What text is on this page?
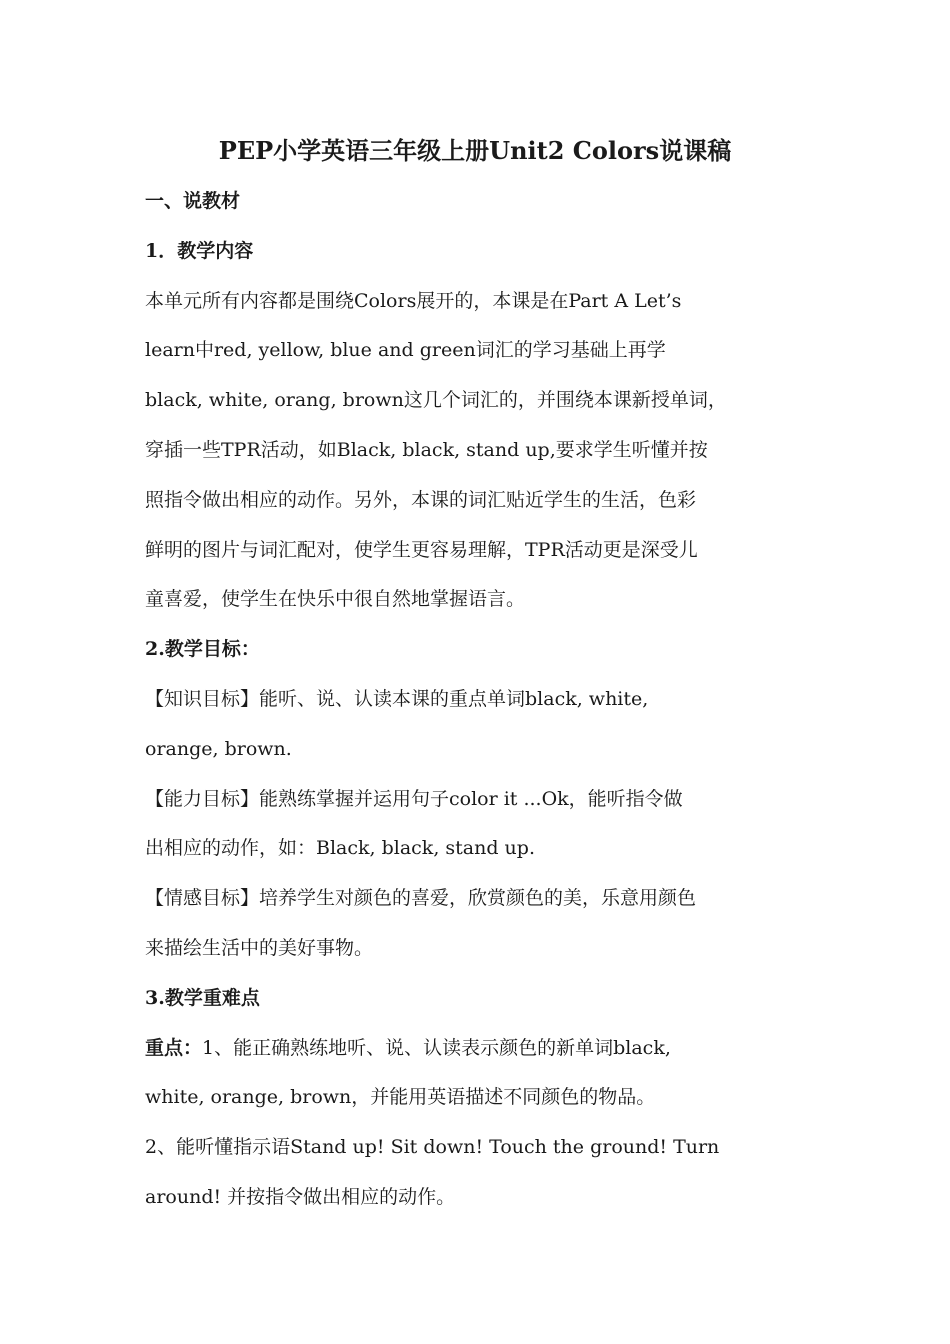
PEP小学英语三年级上册Unit2 Colors说课稿
一、说教材
1．教学内容
本单元所有内容都是围绕Colors展开的，本课是在Part A Let’s
learn中red, yellow, blue and green词汇的学习基础上再学
black, white, orang, brown这几个词汇的，并围绕本课新授单词，
穿插一些TPR活动，如Black, black, stand up,要求学生听懂并按
照指令做出相应的动作。另外，本课的词汇贴近学生的生活，色彩
鲜明的图片与词汇配对，使学生更容易理解，TPR活动更是深受儿
童喜爱，使学生在快乐中很自然地掌握语言。
2.教学目标：
【知识目标】能听、说、认读本课的重点单词black, white,
orange, brown.
【能力目标】能熟练掌握并运用句子color it ...Ok，能听指令做
出相应的动作，如：Black, black, stand up.
【情感目标】培养学生对颜色的喜爱，欣赏颜色的美，乐意用颜色
来描绘生活中的美好事物。
3.教学重难点
重点：1、能正确熟练地听、说、认读表示颜色的新单词black,
white, orange, brown，并能用英语描述不同颜色的物品。
2、能听懂指示语Stand up! Sit down! Touch the ground! Turn
around! 并按指令做出相应的动作。
